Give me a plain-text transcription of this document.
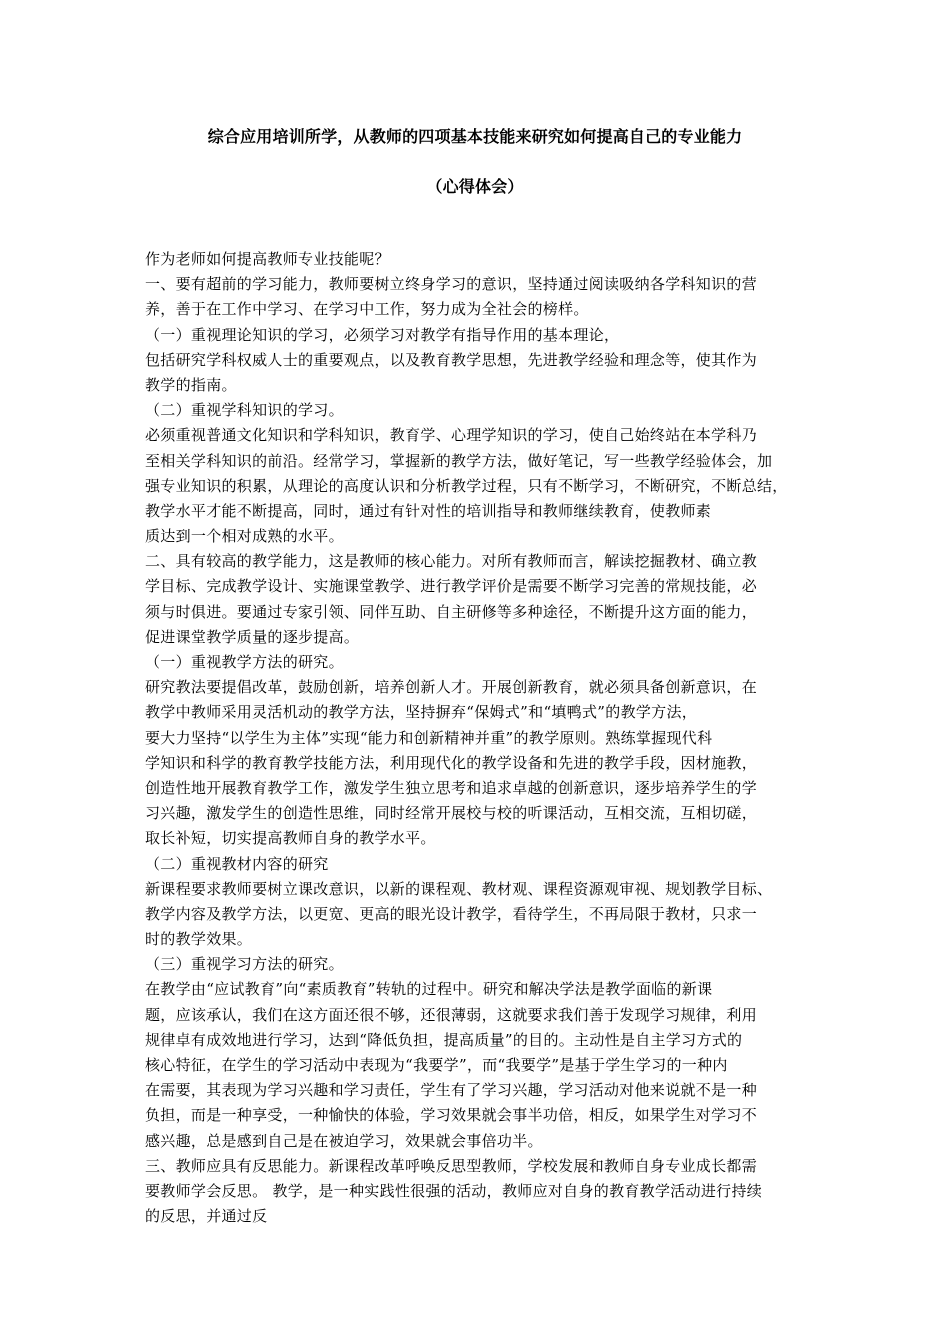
综合应用培训所学，从教师的四项基本技能来研究如何提高自己的专业能力
（心得体会）
作为老师如何提高教师专业技能呢？
一、要有超前的学习能力，教师要树立终身学习的意识，坚持通过阅读吸纳各学科知识的营
养，善于在工作中学习、在学习中工作，努力成为全社会的榜样。
（一）重视理论知识的学习，必须学习对教学有指导作用的基本理论，
包括研究学科权威人士的重要观点，以及教育教学思想，先进教学经验和理念等，使其作为
教学的指南。
（二）重视学科知识的学习。
必须重视普通文化知识和学科知识，教育学、心理学知识的学习，使自己始终站在本学科乃
至相关学科知识的前沿。经常学习，掌握新的教学方法，做好笔记，写一些教学经验体会，加
强专业知识的积累，从理论的高度认识和分析教学过程，只有不断学习，不断研究，不断总结，
教学水平才能不断提高，同时，通过有针对性的培训指导和教师继续教育，使教师素
质达到一个相对成熟的水平。
二、具有较高的教学能力，这是教师的核心能力。对所有教师而言，解读挖掘教材、确立教
学目标、完成教学设计、实施课堂教学、进行教学评价是需要不断学习完善的常规技能，必
须与时俱进。要通过专家引领、同伴互助、自主研修等多种途径，不断提升这方面的能力，
促进课堂教学质量的逐步提高。
（一）重视教学方法的研究。
研究教法要提倡改革，鼓励创新，培养创新人才。开展创新教育，就必须具备创新意识，在
教学中教师采用灵活机动的教学方法，坚持摒弃“保姆式”和“填鸭式”的教学方法，
要大力坚持“以学生为主体”实现“能力和创新精神并重”的教学原则。熟练掌握现代科
学知识和科学的教育教学技能方法，利用现代化的教学设备和先进的教学手段，因材施教，
创造性地开展教育教学工作，激发学生独立思考和追求卓越的创新意识，逐步培养学生的学
习兴趣，激发学生的创造性思维，同时经常开展校与校的听课活动，互相交流，互相切磋，
取长补短，切实提高教师自身的教学水平。
（二）重视教材内容的研究
新课程要求教师要树立课改意识，以新的课程观、教材观、课程资源观审视、规划教学目标、
教学内容及教学方法，以更宽、更高的眼光设计教学，看待学生，不再局限于教材，只求一
时的教学效果。
（三）重视学习方法的研究。
在教学由“应试教育”向“素质教育”转轨的过程中。研究和解决学法是教学面临的新课
题，应该承认，我们在这方面还很不够，还很薄弱，这就要求我们善于发现学习规律，利用
规律卓有成效地进行学习，达到“降低负担，提高质量”的目的。主动性是自主学习方式的
核心特征，在学生的学习活动中表现为“我要学”，而“我要学”是基于学生学习的一种内
在需要，其表现为学习兴趣和学习责任，学生有了学习兴趣，学习活动对他来说就不是一种
负担，而是一种享受，一种愉快的体验，学习效果就会事半功倍，相反，如果学生对学习不
感兴趣，总是感到自己是在被迫学习，效果就会事倍功半。
三、教师应具有反思能力。新课程改革呼唤反思型教师，学校发展和教师自身专业成长都需
要教师学会反思。 教学，是一种实践性很强的活动，教师应对自身的教育教学活动进行持续
的反思，并通过反
